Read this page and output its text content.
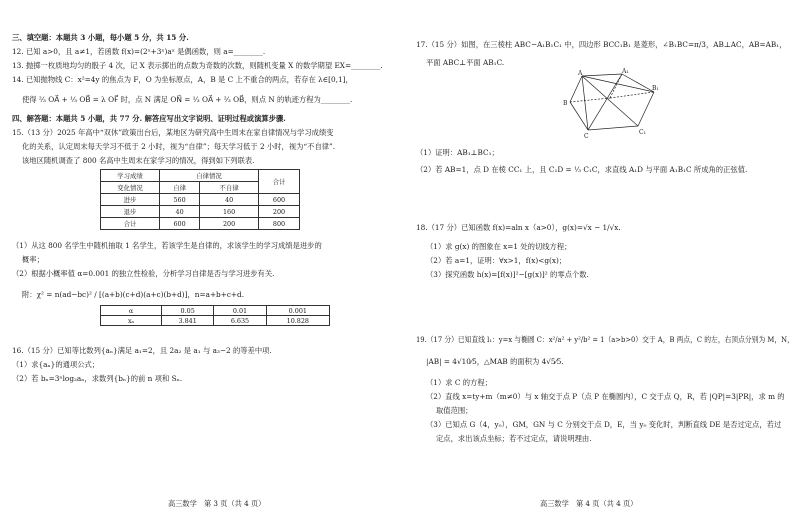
三、填空题：本题共 3 小题，每小题 5 分，共 15 分.
12. 已知 a>0，且 a≠1，若函数 f(x)=(2ˣ+3ˣ)aˣ 是偶函数，则 a=________.
13. 抛掷一枚质地均匀的骰子 4 次，记 X 表示掷出的点数为奇数的次数，则随机变量 X 的数学期望 EX=________.
14. 已知抛物线 C：x²=4y 的焦点为 F，O 为坐标原点，A，B 是 C 上不重合的两点，若存在 λ∈[0,1]，
使得 ²⁄₃ OA⃗ + ¹⁄₃ OB⃗ = λ OF⃗ 时，点 N 满足 ON⃗ = ¹⁄₃ OA⃗ + ²⁄₃ OB⃗，则点 N 的轨迹方程为________.
四、解答题：本题共 5 小题，共 77 分. 解答应写出文字说明、证明过程或演算步骤.
15.（13 分）2025 年高中“双休”政策出台后，某地区为研究高中生周末在家自律情况与学习成绩变
化的关系，认定周末每天学习不低于 2 小时，视为“自律”；每天学习低于 2 小时，视为“不自律”.
该地区随机调查了 800 名高中生周末在家学习的情况，得到如下列联表.
学习成绩	自律情况		合计
变化情况	自律	不自律	
进步	560	40	600
退步	40	160	200
合计	600	200	800
（1）从这 800 名学生中随机抽取 1 名学生，若该学生是自律的，求该学生的学习成绩是进步的
概率；
（2）根据小概率值 α=0.001 的独立性检验，分析学习自律是否与学习进步有关.
附：χ² = n(ad−bc)² / [(a+b)(c+d)(a+c)(b+d)]，n=a+b+c+d.
α	0.05	0.01	0.001
xₐ	3.841	6.635	10.828
16.（15 分）已知等比数列{aₙ}满足 a₁=2，且 2a₂ 是 a₁ 与 a₃−2 的等差中项.
（1）求{aₙ}的通项公式；
（2）若 bₙ=3ⁿlog₂aₙ，求数列{bₙ}的前 n 项和 Sₙ.
高三数学　第 3 页（共 4 页）
17.（15 分）如图，在三棱柱 ABC−A₁B₁C₁ 中，四边形 BCC₁B₁ 是菱形，∠B₁BC=π/3，AB⊥AC，AB=AB₁，
平面 ABC⊥平面 AB₁C.
A
B
C
A₁
B₁
C₁
（1）证明：AB₁⊥BC₁；
（2）若 AB=1，点 D 在棱 CC₁ 上，且 C₁D = ¹⁄₃ C₁C，求直线 A₁D 与平面 A₁B₁C 所成角的正弦值.
18.（17 分）已知函数 f(x)=aln x（a>0），g(x)=√x − 1/√x.
（1）求 g(x) 的图象在 x=1 处的切线方程；
（2）若 a=1，证明：∀x>1，f(x)<g(x)；
（3）探究函数 h(x)=[f(x)]²−[g(x)]² 的零点个数.
19.（17 分）已知直线 l₁：y=x 与椭圆 C：x²/a² + y²/b² = 1（a>b>0）交于 A，B 两点，C 的左，右顶点分别为 M，N，
|AB| = 4√10⁄5，△MAB 的面积为 4√5⁄5.
（1）求 C 的方程；
（2）直线 x=ty+m（m≠0）与 x 轴交于点 P（点 P 在椭圆内），C 交于点 Q，R，若 |QP|=3|PR|，求 m 的
取值范围；
（3）已知点 G（4，y₀），GM，GN 与 C 分别交于点 D，E，当 y₀ 变化时，判断直线 DE 是否过定点，若过
定点，求出该点坐标；若不过定点，请说明理由.
高三数学　第 4 页（共 4 页）
